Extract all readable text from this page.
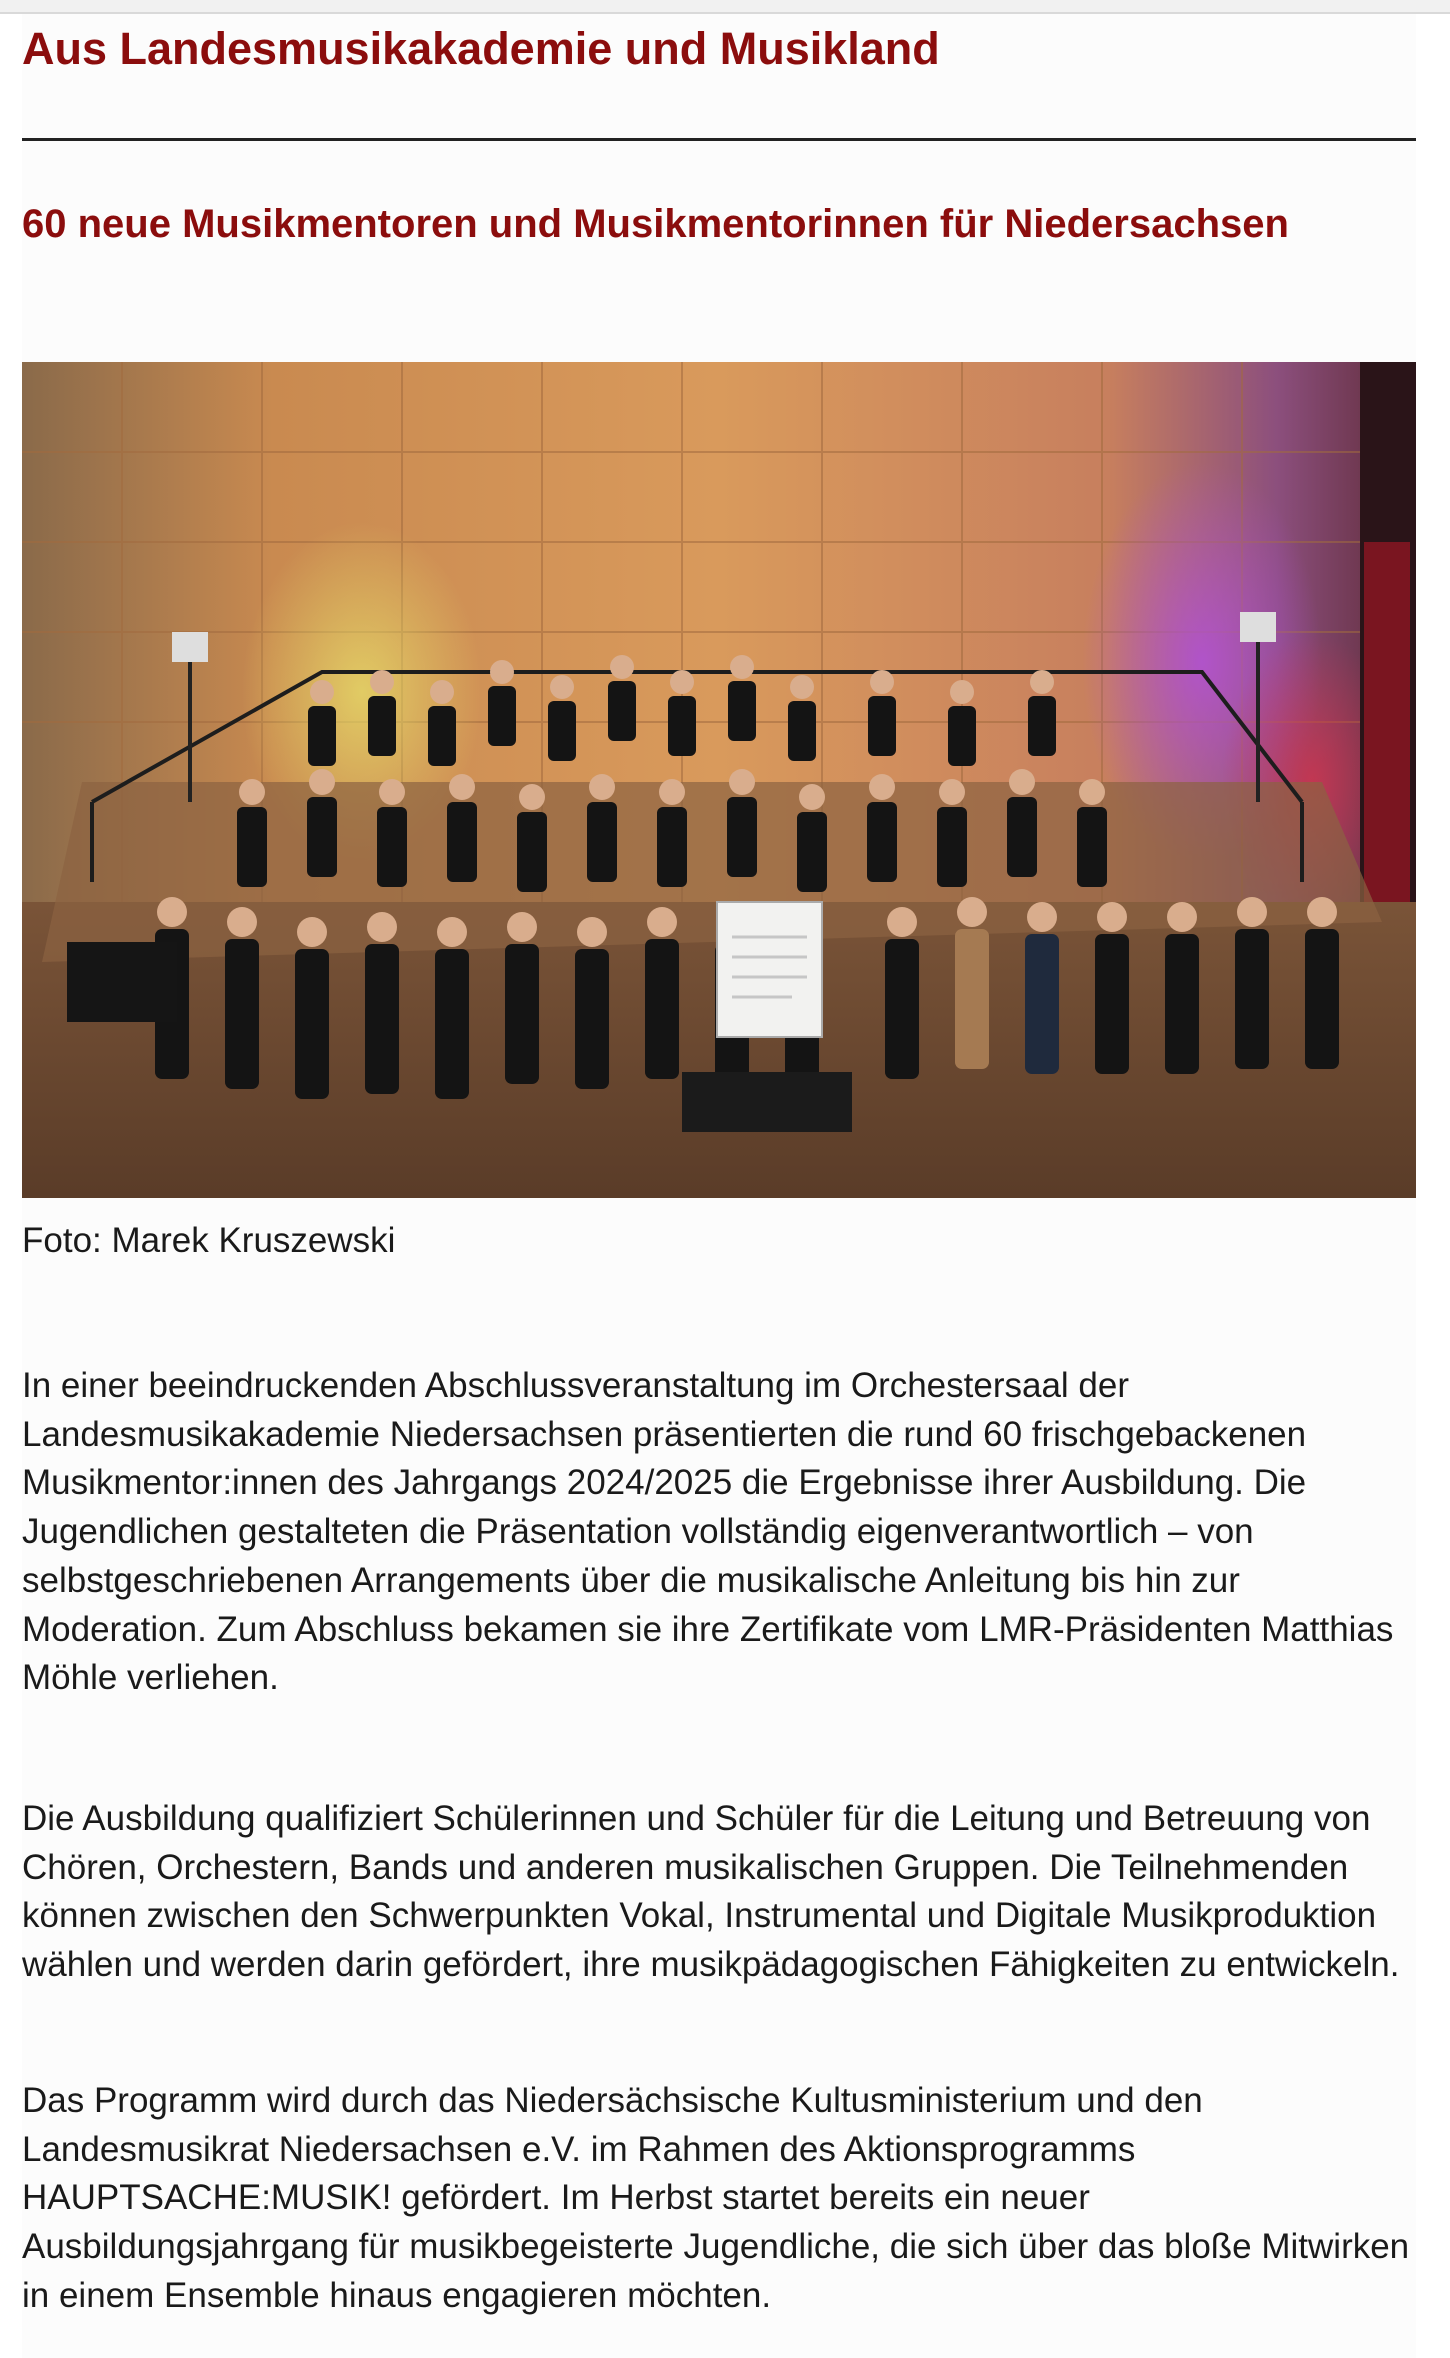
Aus Landesmusikakademie und Musikland
60 neue Musikmentoren und Musikmentorinnen für Niedersachsen

Foto: Marek Kruszewski

In einer beeindruckenden Abschlussveranstaltung im Orchestersaal der Landesmusikakademie Niedersachsen präsentierten die rund 60 frischgebackenen Musikmentor:innen des Jahrgangs 2024/2025 die Ergebnisse ihrer Ausbildung. Die Jugendlichen gestalteten die Präsentation vollständig eigenverantwortlich – von selbstgeschriebenen Arrangements über die musikalische Anleitung bis hin zur Moderation. Zum Abschluss bekamen sie ihre Zertifikate vom LMR-Präsidenten Matthias Möhle verliehen.

Die Ausbildung qualifiziert Schülerinnen und Schüler für die Leitung und Betreuung von Chören, Orchestern, Bands und anderen musikalischen Gruppen. Die Teilnehmenden können zwischen den Schwerpunkten Vokal, Instrumental und Digitale Musikproduktion wählen und werden darin gefördert, ihre musikpädagogischen Fähigkeiten zu entwickeln.

Das Programm wird durch das Niedersächsische Kultusministerium und den Landesmusikrat Niedersachsen e.V. im Rahmen des Aktionsprogramms HAUPTSACHE:MUSIK! gefördert. Im Herbst startet bereits ein neuer Ausbildungsjahrgang für musikbegeisterte Jugendliche, die sich über das bloße Mitwirken in einem Ensemble hinaus engagieren möchten.
